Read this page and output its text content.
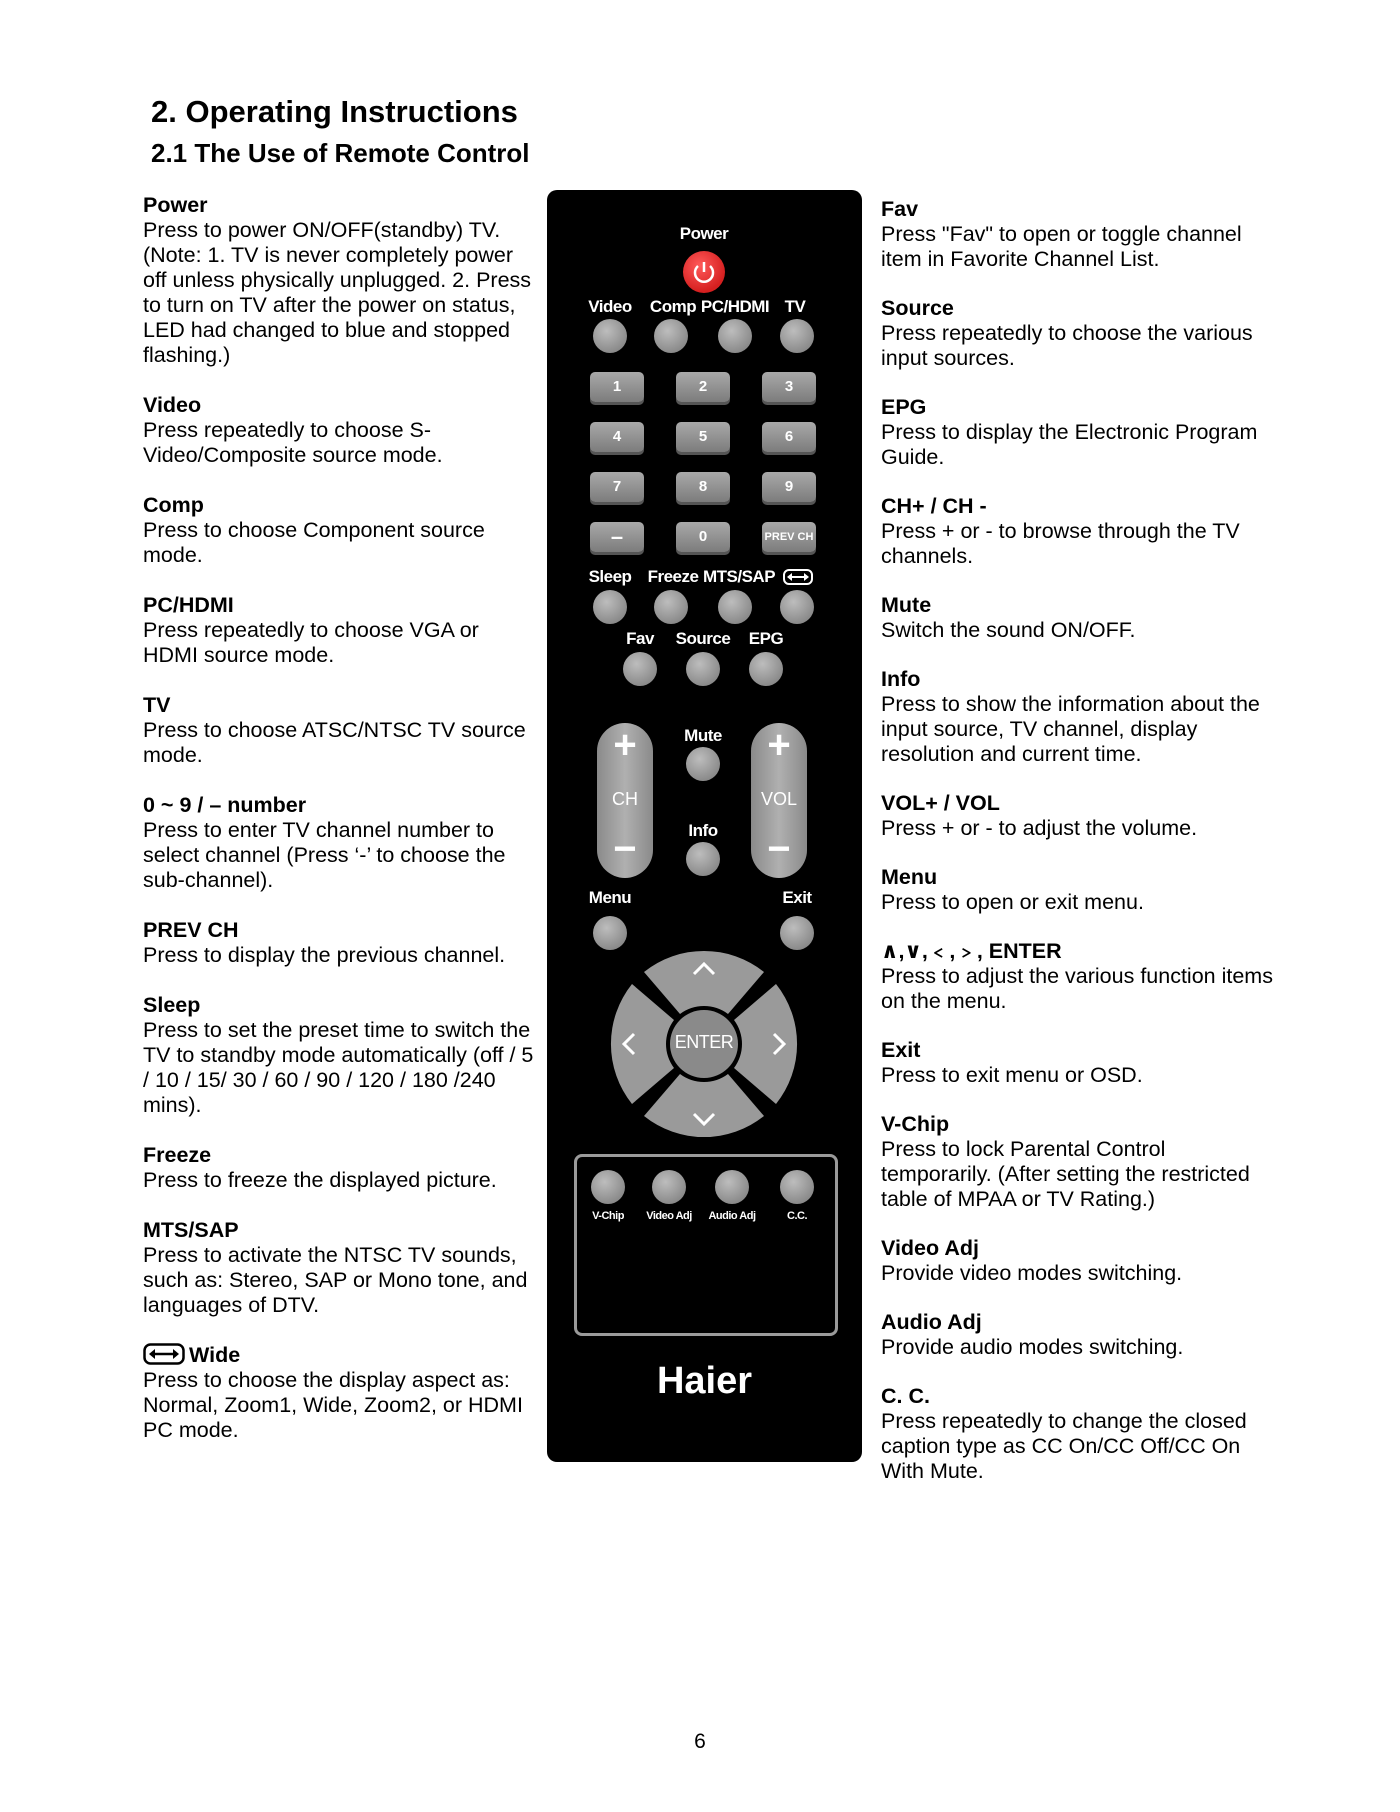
2. Operating Instructions
2.1 The Use of Remote Control
Power
Press to power ON/OFF(standby) TV. (Note: 1. TV is never completely power off unless physically unplugged. 2. Press to turn on TV after the power on status, LED had changed to blue and stopped flashing.)
Video
Press repeatedly to choose S-Video/Composite source mode.
Comp
Press to choose Component source mode.
PC/HDMI
Press repeatedly to choose VGA or HDMI source mode.
TV
Press to choose ATSC/NTSC TV source mode.
0 ~ 9 / – number
Press to enter TV channel number to select channel (Press ‘-’ to choose the sub-channel).
PREV CH
Press to display the previous channel.
Sleep
Press to set the preset time to switch the TV to standby mode automatically (off / 5 / 10 / 15/ 30 / 60 / 90 / 120 / 180 /240 mins).
Freeze
Press to freeze the displayed picture.
MTS/SAP
Press to activate the NTSC TV sounds, such as: Stereo, SAP or Mono tone, and languages of DTV.
Wide
Press to choose the display aspect as: Normal, Zoom1, Wide, Zoom2, or HDMI PC mode.
Fav
Press "Fav" to open or toggle channel item in Favorite Channel List.
Source
Press repeatedly to choose the various input sources.
EPG
Press to display the Electronic Program Guide.
CH+ / CH -
Press + or - to browse through the TV channels.
Mute
Switch the sound ON/OFF.
Info
Press to show the information about the input source, TV channel, display resolution and current time.
VOL+ / VOL
Press + or - to adjust the volume.
Menu
Press to open or exit menu.
∧,∨,﹤,﹥, ENTER
Press to adjust the various function items on the menu.
Exit
Press to exit menu or OSD.
V-Chip
Press to lock Parental Control temporarily. (After setting the restricted table of MPAA or TV Rating.)
Video Adj
Provide video modes switching.
Audio Adj
Provide audio modes switching.
C. C.
Press repeatedly to change the closed caption type as CC On/CC Off/CC On With Mute.
Power
Video Comp PC/HDMI TV
1	2	3
4	5	6
7	8	9
–	0	PREV CH
Sleep Freeze MTS/SAP
Fav Source EPG
+
CH
−
+
VOL
−
Mute
Info
Menu	Exit
ENTER
V-Chip Video Adj Audio Adj	C.C.
Haier
6
